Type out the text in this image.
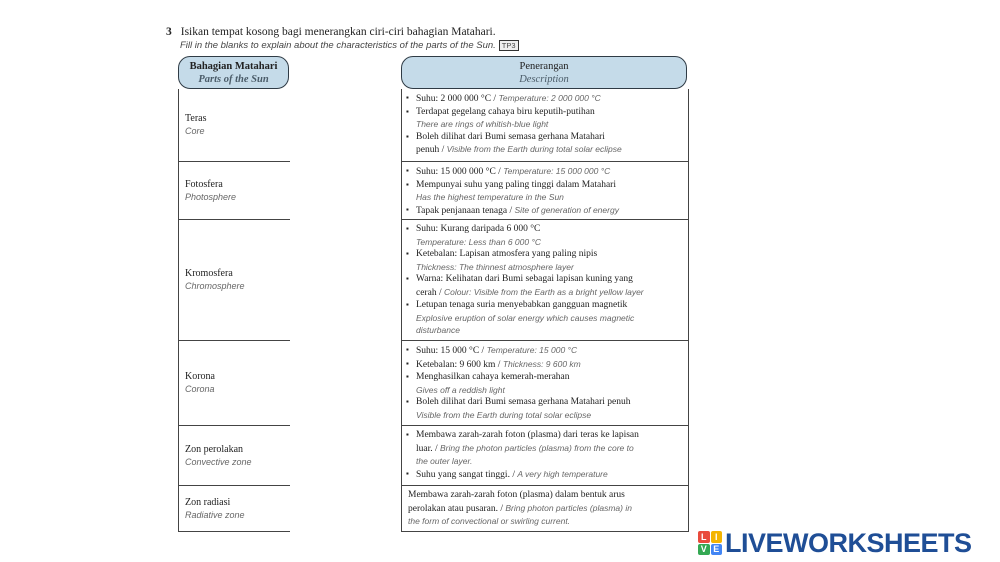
3 Isikan tempat kosong bagi menerangkan ciri-ciri bahagian Matahari.
Fill in the blanks to explain about the characteristics of the parts of the Sun. TP3
Bahagian Matahari
Parts of the Sun
Penerangan
Description
Teras
Core
Fotosfera
Photosphere
Kromosfera
Chromosphere
Korona
Corona
Zon perolakan
Convective zone
Zon radiasi
Radiative zone
▪ Suhu: 2 000 000 °C / Temperature: 2 000 000 °C
▪ Terdapat gegelang cahaya biru keputih-putihan
There are rings of whitish-blue light
▪ Boleh dilihat dari Bumi semasa gerhana Matahari
penuh / Visible from the Earth during total solar eclipse
▪ Suhu: 15 000 000 °C / Temperature: 15 000 000 °C
▪ Mempunyai suhu yang paling tinggi dalam Matahari
Has the highest temperature in the Sun
▪ Tapak penjanaan tenaga / Site of generation of energy
▪ Suhu: Kurang daripada 6 000 °C
Temperature: Less than 6 000 °C
▪ Ketebalan: Lapisan atmosfera yang paling nipis
Thickness: The thinnest atmosphere layer
▪ Warna: Kelihatan dari Bumi sebagai lapisan kuning yang
cerah / Colour: Visible from the Earth as a bright yellow layer
▪ Letupan tenaga suria menyebabkan gangguan magnetik
Explosive eruption of solar energy which causes magnetic
disturbance
▪ Suhu: 15 000 °C / Temperature: 15 000 °C
▪ Ketebalan: 9 600 km / Thickness: 9 600 km
▪ Menghasilkan cahaya kemerah-merahan
Gives off a reddish light
▪ Boleh dilihat dari Bumi semasa gerhana Matahari penuh
Visible from the Earth during total solar eclipse
▪ Membawa zarah-zarah foton (plasma) dari teras ke lapisan
luar. / Bring the photon particles (plasma) from the core to
the outer layer.
▪ Suhu yang sangat tinggi. / A very high temperature
Membawa zarah-zarah foton (plasma) dalam bentuk arus
perolakan atau pusaran. / Bring photon particles (plasma) in
the form of convectional or swirling current.
L I
V E LIVEWORKSHEETS
